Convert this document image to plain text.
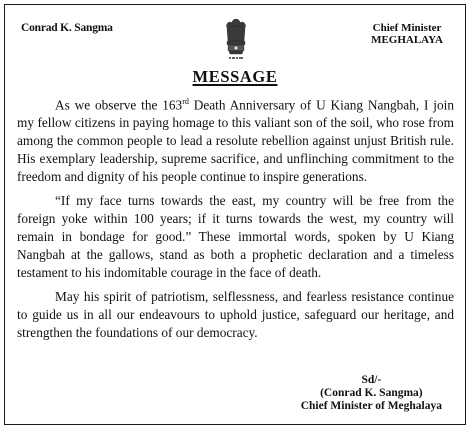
Conrad K. Sangma	Chief Minister
MEGHALAYA
MESSAGE

As we observe the 163rd Death Anniversary of U Kiang Nangbah, I join my fellow citizens in paying homage to this valiant son of the soil, who rose from among the common people to lead a resolute rebellion against unjust British rule. His exemplary leadership, supreme sacrifice, and unflinching commitment to the freedom and dignity of his people continue to inspire generations.

“If my face turns towards the east, my country will be free from the foreign yoke within 100 years; if it turns towards the west, my country will remain in bondage for good.” These immortal words, spoken by U Kiang Nangbah at the gallows, stand as both a prophetic declaration and a timeless testament to his indomitable courage in the face of death.

May his spirit of patriotism, selflessness, and fearless resistance continue to guide us in all our endeavours to uphold justice, safeguard our heritage, and strengthen the foundations of our democracy.

Sd/-
(Conrad K. Sangma)
Chief Minister of Meghalaya
